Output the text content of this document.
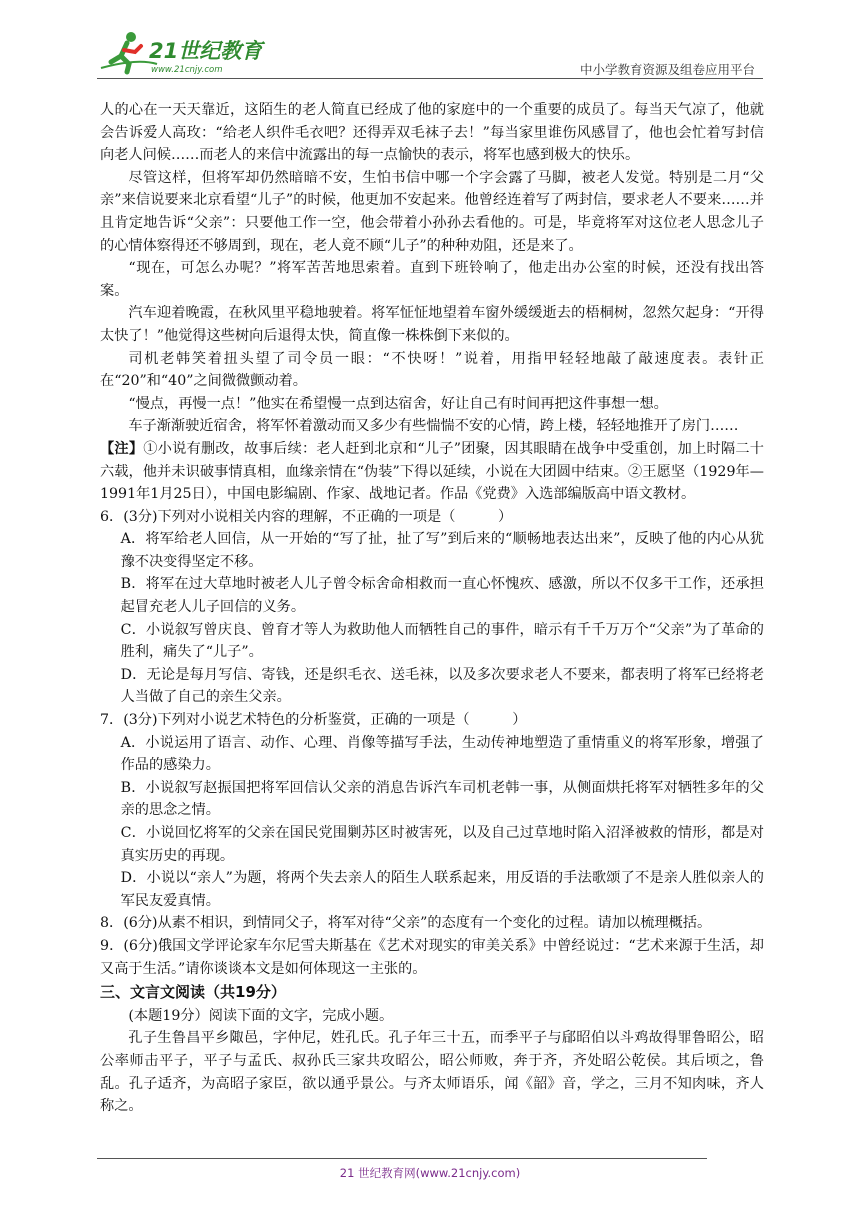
21世纪教育
www.21cnjy.com	中小学教育资源及组卷应用平台

人的心在一天天靠近，这陌生的老人简直已经成了他的家庭中的一个重要的成员了。每当天气凉了，他就会告诉爱人高玫：“给老人织件毛衣吧？还得弄双毛袜子去！”每当家里谁伤风感冒了，他也会忙着写封信向老人问候……而老人的来信中流露出的每一点愉快的表示，将军也感到极大的快乐。

尽管这样，但将军却仍然暗暗不安，生怕书信中哪一个字会露了马脚，被老人发觉。特别是二月“父亲”来信说要来北京看望“儿子”的时候，他更加不安起来。他曾经连着写了两封信，要求老人不要来……并且肯定地告诉“父亲”：只要他工作一空，他会带着小孙孙去看他的。可是，毕竟将军对这位老人思念儿子的心情体察得还不够周到，现在，老人竟不顾“儿子”的种种劝阻，还是来了。

“现在，可怎么办呢？”将军苦苦地思索着。直到下班铃响了，他走出办公室的时候，还没有找出答案。

汽车迎着晚霞，在秋风里平稳地驶着。将军怔怔地望着车窗外缓缓逝去的梧桐树，忽然欠起身：“开得太快了！”他觉得这些树向后退得太快，简直像一株株倒下来似的。

司机老韩笑着扭头望了司令员一眼：“不快呀！”说着，用指甲轻轻地敲了敲速度表。表针正在“20”和“40”之间微微颤动着。

“慢点，再慢一点！”他实在希望慢一点到达宿舍，好让自己有时间再把这件事想一想。

车子渐渐驶近宿舍，将军怀着激动而又多少有些惴惴不安的心情，跨上楼，轻轻地推开了房门……

【注】①小说有删改，故事后续：老人赶到北京和“儿子”团聚，因其眼睛在战争中受重创，加上时隔二十六载，他并未识破事情真相，血缘亲情在“伪装”下得以延续，小说在大团圆中结束。②王愿坚（1929年—1991年1月25日），中国电影编剧、作家、战地记者。作品《党费》入选部编版高中语文教材。

6．(3分)下列对小说相关内容的理解，不正确的一项是（　　　）

A．将军给老人回信，从一开始的“写了扯，扯了写”到后来的“顺畅地表达出来”，反映了他的内心从犹豫不决变得坚定不移。

B．将军在过大草地时被老人儿子曾令标舍命相救而一直心怀愧疚、感激，所以不仅多干工作，还承担起冒充老人儿子回信的义务。

C．小说叙写曾庆良、曾育才等人为救助他人而牺牲自己的事件，暗示有千千万万个“父亲”为了革命的胜利，痛失了“儿子”。

D．无论是每月写信、寄钱，还是织毛衣、送毛袜，以及多次要求老人不要来，都表明了将军已经将老人当做了自己的亲生父亲。

7．(3分)下列对小说艺术特色的分析鉴赏，正确的一项是（　　　）

A．小说运用了语言、动作、心理、肖像等描写手法，生动传神地塑造了重情重义的将军形象，增强了作品的感染力。

B．小说叙写赵振国把将军回信认父亲的消息告诉汽车司机老韩一事，从侧面烘托将军对牺牲多年的父亲的思念之情。

C．小说回忆将军的父亲在国民党围剿苏区时被害死，以及自己过草地时陷入沼泽被救的情形，都是对真实历史的再现。

D．小说以“亲人”为题，将两个失去亲人的陌生人联系起来，用反语的手法歌颂了不是亲人胜似亲人的军民友爱真情。

8．(6分)从素不相识，到情同父子，将军对待“父亲”的态度有一个变化的过程。请加以梳理概括。

9．(6分)俄国文学评论家车尔尼雪夫斯基在《艺术对现实的审美关系》中曾经说过：“艺术来源于生活，却又高于生活。”请你谈谈本文是如何体现这一主张的。

三、文言文阅读（共19分）

(本题19分）阅读下面的文字，完成小题。

孔子生鲁昌平乡陬邑，字仲尼，姓孔氏。孔子年三十五，而季平子与郈昭伯以斗鸡故得罪鲁昭公，昭公率师击平子，平子与孟氏、叔孙氏三家共攻昭公，昭公师败，奔于齐，齐处昭公乾侯。其后顷之，鲁乱。孔子适齐，为高昭子家臣，欲以通乎景公。与齐太师语乐，闻《韶》音，学之，三月不知肉味，齐人称之。

21 世纪教育网(www.21cnjy.com)
